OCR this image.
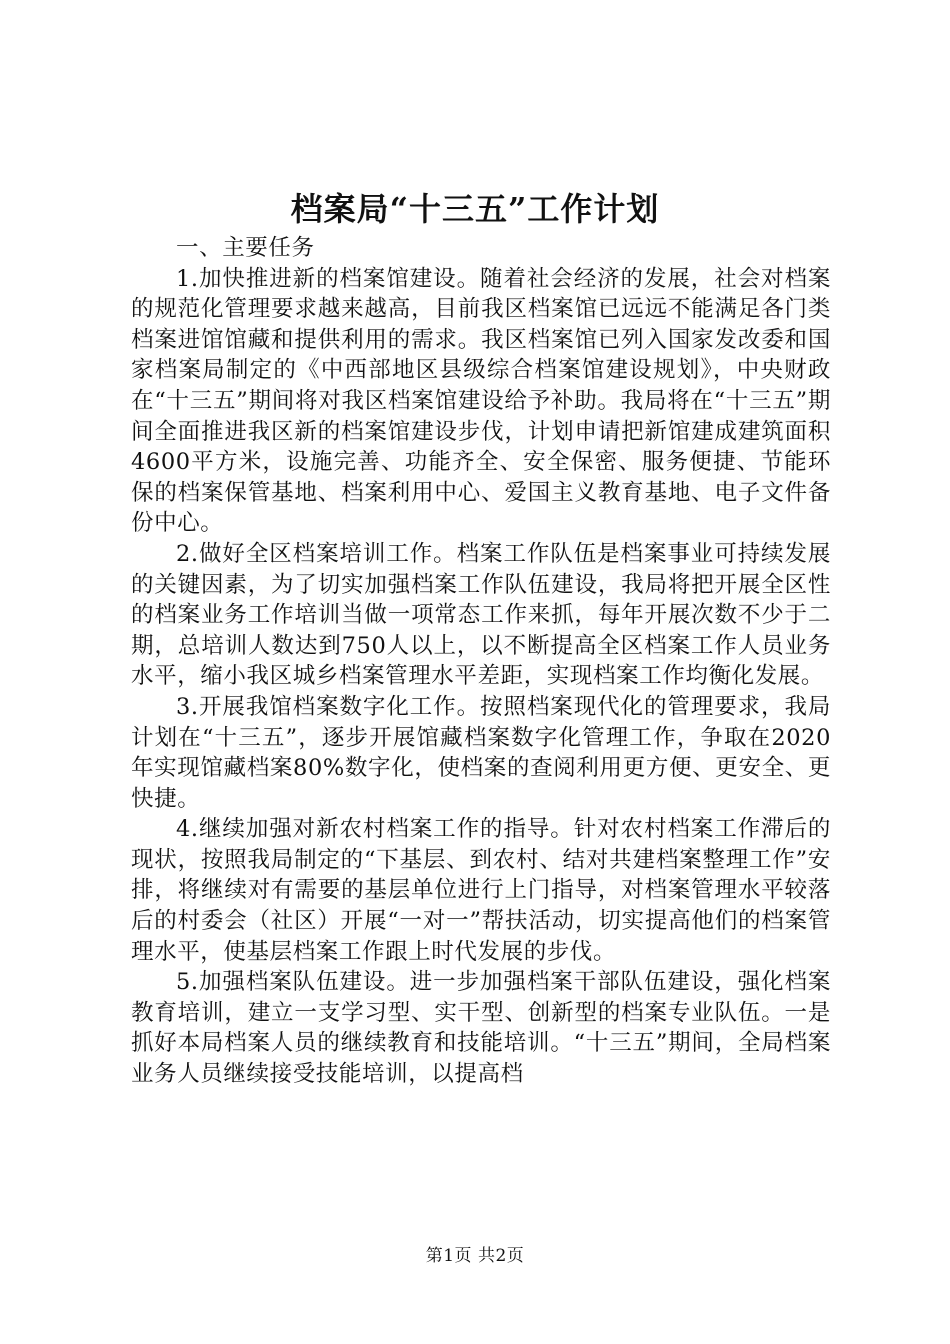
档案局“十三五”工作计划

一、主要任务

1.加快推进新的档案馆建设。随着社会经济的发展，社会对档案的规范化管理要求越来越高，目前我区档案馆已远远不能满足各门类档案进馆馆藏和提供利用的需求。我区档案馆已列入国家发改委和国家档案局制定的《中西部地区县级综合档案馆建设规划》，中央财政在“十三五”期间将对我区档案馆建设给予补助。我局将在“十三五”期间全面推进我区新的档案馆建设步伐，计划申请把新馆建成建筑面积4600平方米，设施完善、功能齐全、安全保密、服务便捷、节能环保的档案保管基地、档案利用中心、爱国主义教育基地、电子文件备份中心。

2.做好全区档案培训工作。档案工作队伍是档案事业可持续发展的关键因素，为了切实加强档案工作队伍建设，我局将把开展全区性的档案业务工作培训当做一项常态工作来抓，每年开展次数不少于二期，总培训人数达到750人以上，以不断提高全区档案工作人员业务水平，缩小我区城乡档案管理水平差距，实现档案工作均衡化发展。

3.开展我馆档案数字化工作。按照档案现代化的管理要求，我局计划在“十三五”，逐步开展馆藏档案数字化管理工作，争取在2020年实现馆藏档案80%数字化，使档案的查阅利用更方便、更安全、更快捷。

4.继续加强对新农村档案工作的指导。针对农村档案工作滞后的现状，按照我局制定的“下基层、到农村、结对共建档案整理工作”安排，将继续对有需要的基层单位进行上门指导，对档案管理水平较落后的村委会（社区）开展“一对一”帮扶活动，切实提高他们的档案管理水平，使基层档案工作跟上时代发展的步伐。

5.加强档案队伍建设。进一步加强档案干部队伍建设，强化档案教育培训，建立一支学习型、实干型、创新型的档案专业队伍。一是抓好本局档案人员的继续教育和技能培训。“十三五”期间，全局档案业务人员继续接受技能培训，以提高档

第1页 共2页
